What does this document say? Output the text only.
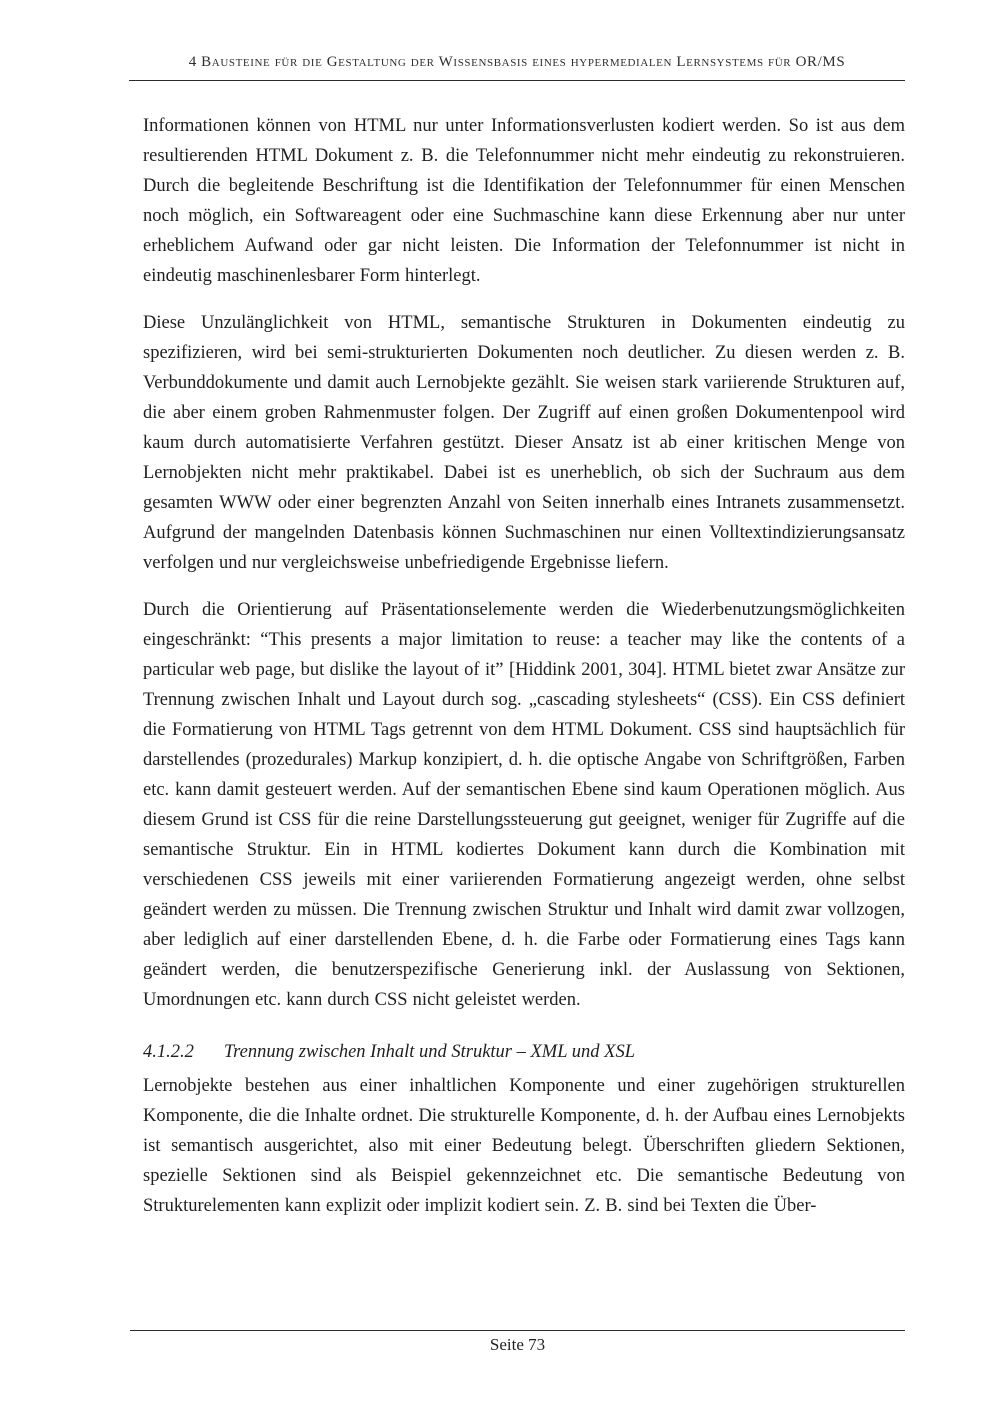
4 Bausteine für die Gestaltung der Wissensbasis eines hypermedialen Lernsystems für OR/MS

Informationen können von HTML nur unter Informationsverlusten kodiert werden. So ist aus dem resultierenden HTML Dokument z. B. die Telefonnummer nicht mehr eindeutig zu rekonstruieren. Durch die begleitende Beschriftung ist die Identifikation der Telefonnummer für einen Menschen noch möglich, ein Softwareagent oder eine Suchmaschine kann diese Erkennung aber nur unter erheblichem Aufwand oder gar nicht leisten. Die Information der Telefonnummer ist nicht in eindeutig maschinenlesbarer Form hinterlegt.

Diese Unzulänglichkeit von HTML, semantische Strukturen in Dokumenten eindeutig zu spezifizieren, wird bei semi-strukturierten Dokumenten noch deutlicher. Zu diesen werden z. B. Verbunddokumente und damit auch Lernobjekte gezählt. Sie weisen stark variierende Strukturen auf, die aber einem groben Rahmenmuster folgen. Der Zugriff auf einen großen Dokumentenpool wird kaum durch automatisierte Verfahren gestützt. Dieser Ansatz ist ab einer kritischen Menge von Lernobjekten nicht mehr praktikabel. Dabei ist es unerheblich, ob sich der Suchraum aus dem gesamten WWW oder einer begrenzten Anzahl von Seiten innerhalb eines Intranets zusammensetzt. Aufgrund der mangelnden Datenbasis können Suchmaschinen nur einen Volltextindizierungsansatz verfolgen und nur vergleichsweise unbefriedigende Ergebnisse liefern.

Durch die Orientierung auf Präsentationselemente werden die Wiederbenutzungsmöglichkeiten eingeschränkt: “This presents a major limitation to reuse: a teacher may like the contents of a particular web page, but dislike the layout of it” [Hiddink 2001, 304]. HTML bietet zwar Ansätze zur Trennung zwischen Inhalt und Layout durch sog. „cascading stylesheets“ (CSS). Ein CSS definiert die Formatierung von HTML Tags getrennt von dem HTML Dokument. CSS sind hauptsächlich für darstellendes (prozedurales) Markup konzipiert, d. h. die optische Angabe von Schriftgrößen, Farben etc. kann damit gesteuert werden. Auf der semantischen Ebene sind kaum Operationen möglich. Aus diesem Grund ist CSS für die reine Darstellungssteuerung gut geeignet, weniger für Zugriffe auf die semantische Struktur. Ein in HTML kodiertes Dokument kann durch die Kombination mit verschiedenen CSS jeweils mit einer variierenden Formatierung angezeigt werden, ohne selbst geändert werden zu müssen. Die Trennung zwischen Struktur und Inhalt wird damit zwar vollzogen, aber lediglich auf einer darstellenden Ebene, d. h. die Farbe oder Formatierung eines Tags kann geändert werden, die benutzerspezifische Generierung inkl. der Auslassung von Sektionen, Umordnungen etc. kann durch CSS nicht geleistet werden.

4.1.2.2 Trennung zwischen Inhalt und Struktur – XML und XSL

Lernobjekte bestehen aus einer inhaltlichen Komponente und einer zugehörigen strukturellen Komponente, die die Inhalte ordnet. Die strukturelle Komponente, d. h. der Aufbau eines Lernobjekts ist semantisch ausgerichtet, also mit einer Bedeutung belegt. Überschriften gliedern Sektionen, spezielle Sektionen sind als Beispiel gekennzeichnet etc. Die semantische Bedeutung von Strukturelementen kann explizit oder implizit kodiert sein. Z. B. sind bei Texten die Über-

Seite 73
